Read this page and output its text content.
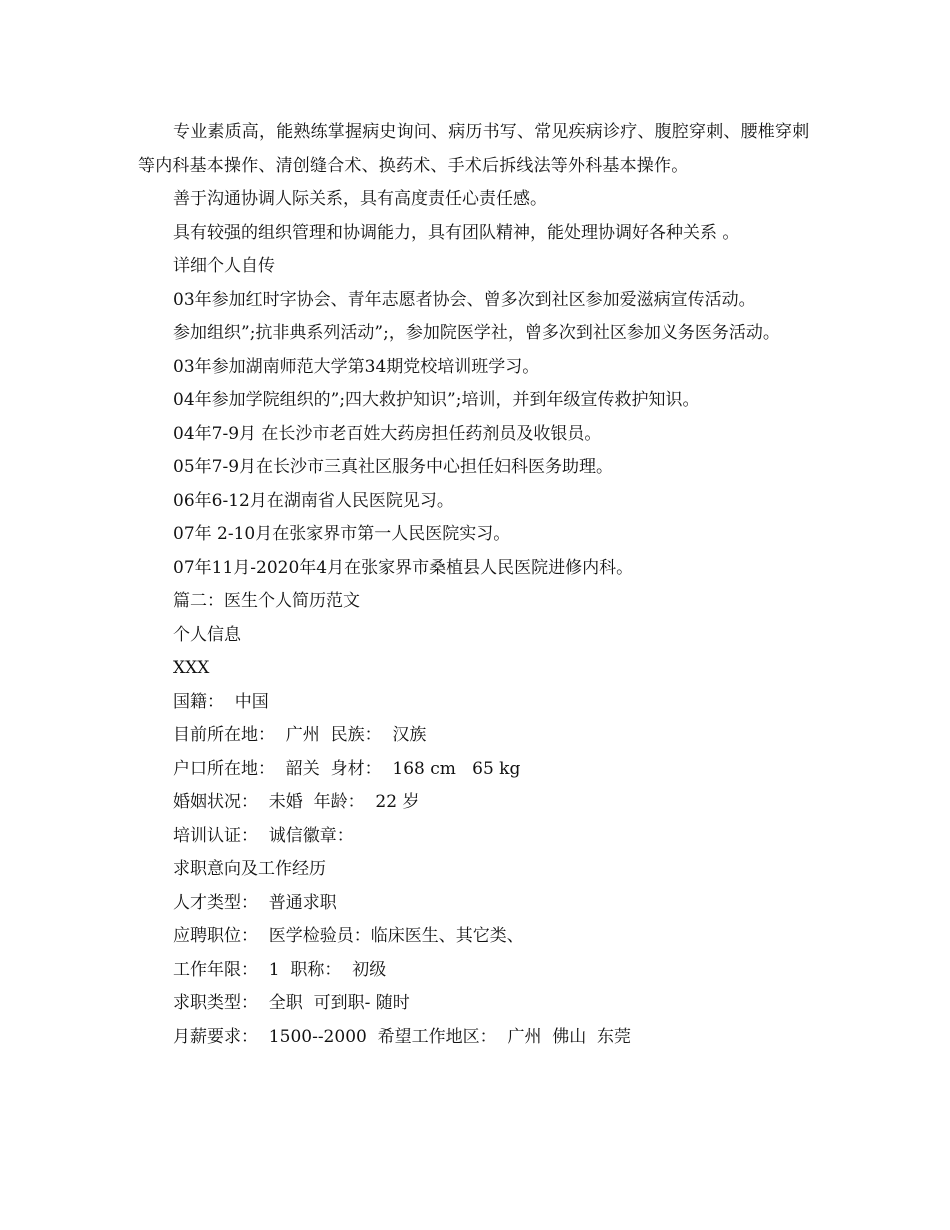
专业素质高，能熟练掌握病史询问、病历书写、常见疾病诊疗、腹腔穿刺、腰椎穿刺等内科基本操作、清创缝合术、换药术、手术后拆线法等外科基本操作。

善于沟通协调人际关系，具有高度责任心责任感。

具有较强的组织管理和协调能力，具有团队精神，能处理协调好各种关系 。

详细个人自传

03年参加红时字协会、青年志愿者协会、曾多次到社区参加爱滋病宣传活动。

参加组织”;抗非典系列活动”;，参加院医学社，曾多次到社区参加义务医务活动。

03年参加湖南师范大学第34期党校培训班学习。

04年参加学院组织的”;四大救护知识”;培训，并到年级宣传救护知识。

04年7-9月 在长沙市老百姓大药房担任药剂员及收银员。

05年7-9月在长沙市三真社区服务中心担任妇科医务助理。

06年6-12月在湖南省人民医院见习。

07年 2-10月在张家界市第一人民医院实习。

07年11月-2020年4月在张家界市桑植县人民医院进修内科。

篇二：医生个人简历范文

个人信息

XXX

国籍：  中国

目前所在地：  广州  民族：  汉族

户口所在地：  韶关  身材：  168 cm   65 kg

婚姻状况：  未婚  年龄：  22 岁

培训认证：  诚信徽章：

求职意向及工作经历

人才类型：  普通求职

应聘职位：  医学检验员：临床医生、其它类、

工作年限：  1  职称：  初级

求职类型：  全职  可到职- 随时

月薪要求：  1500--2000  希望工作地区：  广州  佛山  东莞
